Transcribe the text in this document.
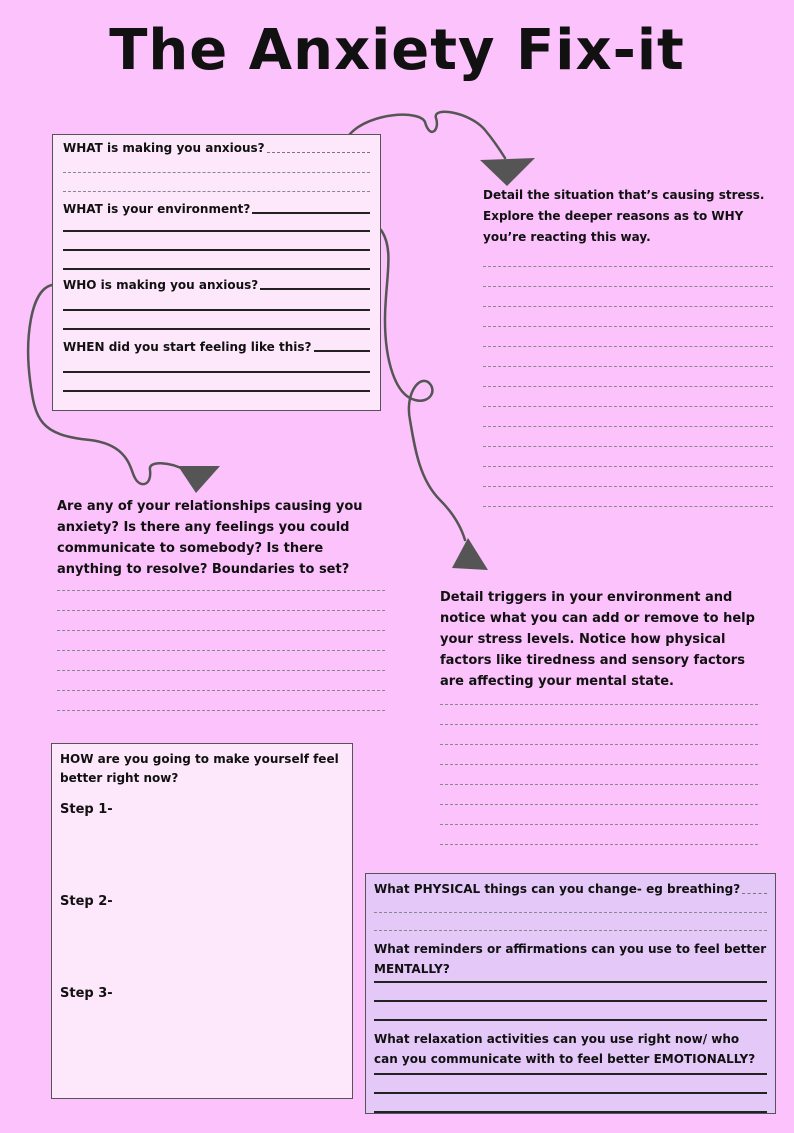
The Anxiety Fix-it
WHAT is making you anxious?
WHAT is your environment?
WHO is making you anxious?
WHEN did you start feeling like this?
Detail the situation that’s causing stress. Explore the deeper reasons as to WHY you’re reacting this way.
Are any of your relationships causing you anxiety? Is there any feelings you could communicate to somebody? Is there anything to resolve? Boundaries to set?
Detail triggers in your environment and notice what you can add or remove to help your stress levels. Notice how physical factors like tiredness and sensory factors are affecting your mental state.
HOW are you going to make yourself feel better right now?
Step 1-
Step 2-
Step 3-
What PHYSICAL things can you change- eg breathing?
What reminders or affirmations can you use to feel better MENTALLY?
What relaxation activities can you use right now/ who can you communicate with to feel better EMOTIONALLY?
